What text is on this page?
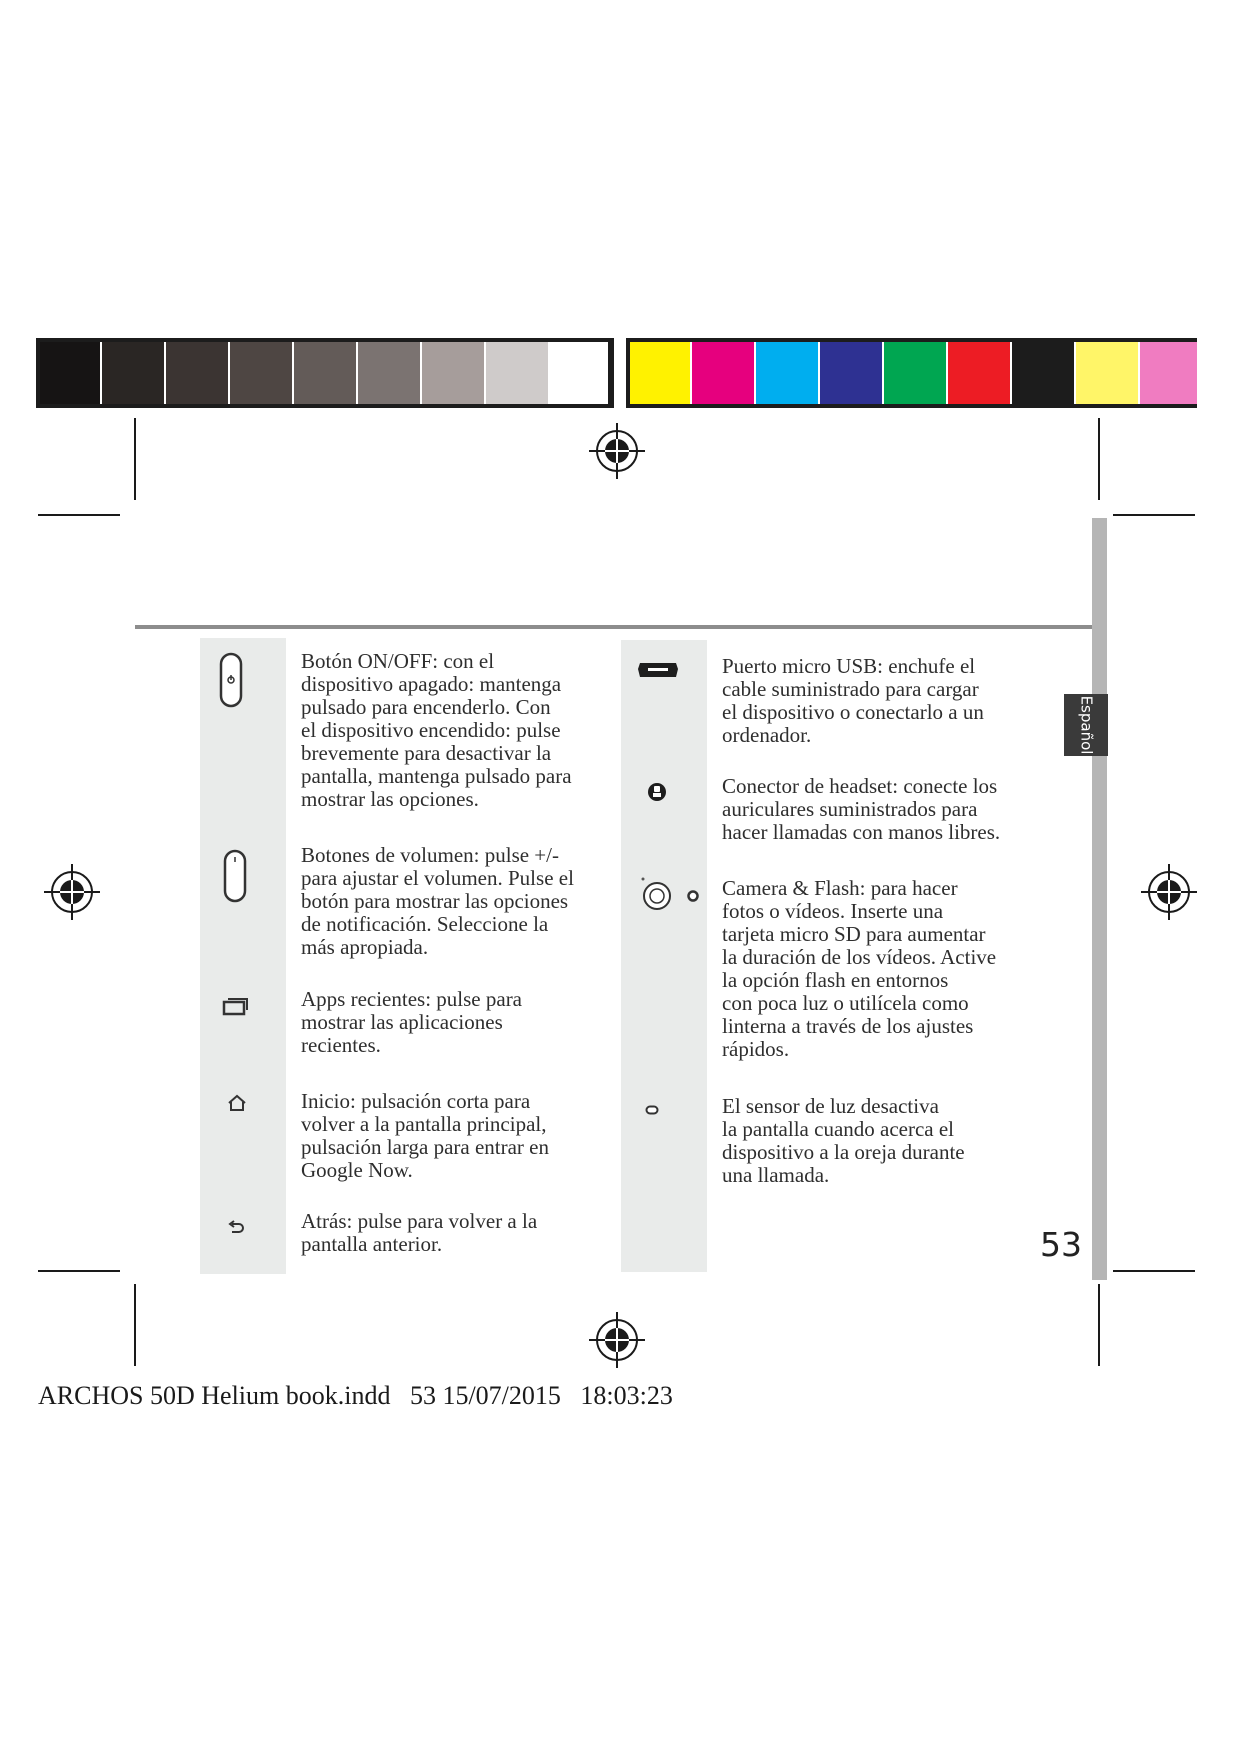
Español

Botón ON/OFF: con el
dispositivo apagado: mantenga
pulsado para encenderlo. Con
el dispositivo encendido: pulse
brevemente para desactivar la
pantalla, mantenga pulsado para
mostrar las opciones.

Botones de volumen: pulse +/-
para ajustar el volumen. Pulse el
botón para mostrar las opciones
de notificación. Seleccione la
más apropiada.

Apps recientes: pulse para
mostrar las aplicaciones
recientes.

Inicio: pulsación corta para
volver a la pantalla principal,
pulsación larga para entrar en
Google Now.

Atrás: pulse para volver a la
pantalla anterior.

Puerto micro USB: enchufe el
cable suministrado para cargar
el dispositivo o conectarlo a un
ordenador.

Conector de headset: conecte los
auriculares suministrados para
hacer llamadas con manos libres.

Camera & Flash: para hacer
fotos o vídeos. Inserte una
tarjeta micro SD para aumentar
la duración de los vídeos. Active
la opción flash en entornos
con poca luz o utilícela como
linterna a través de los ajustes
rápidos.

El sensor de luz desactiva
la pantalla cuando acerca el
dispositivo a la oreja durante
una llamada.

53
ARCHOS 50D Helium book.indd   53 15/07/2015   18:03:23
